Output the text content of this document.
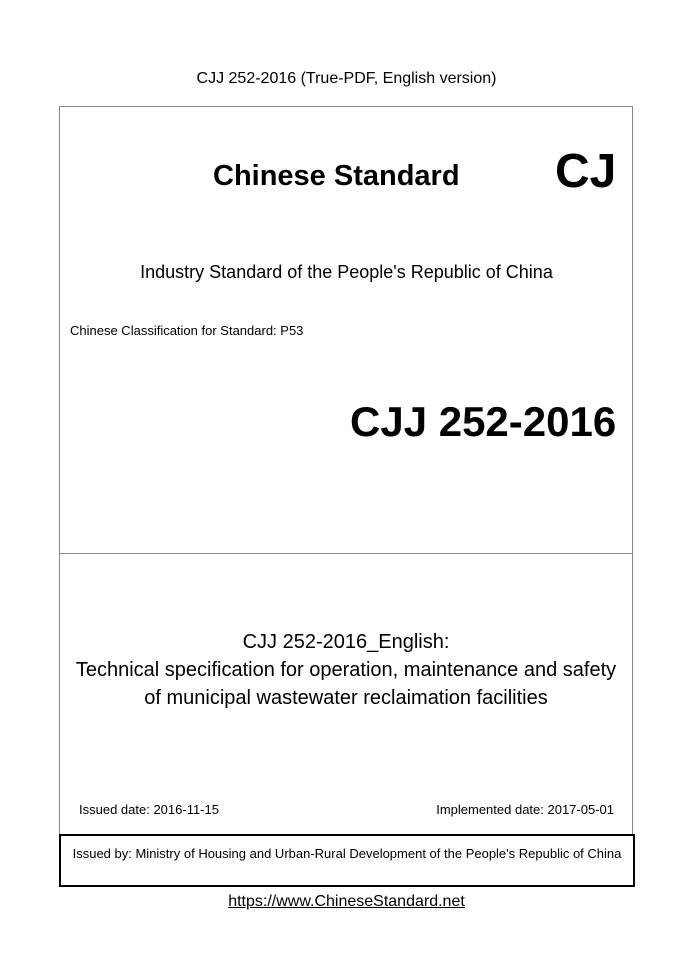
CJJ 252-2016 (True-PDF, English version)
Chinese Standard CJ
Industry Standard of the People's Republic of China
Chinese Classification for Standard: P53
CJJ 252-2016
CJJ 252-2016_English:
Technical specification for operation, maintenance and safety
of municipal wastewater reclaimation facilities
Issued date: 2016-11-15	Implemented date: 2017-05-01
Issued by: Ministry of Housing and Urban-Rural Development of the People's Republic of China
https://www.ChineseStandard.net
